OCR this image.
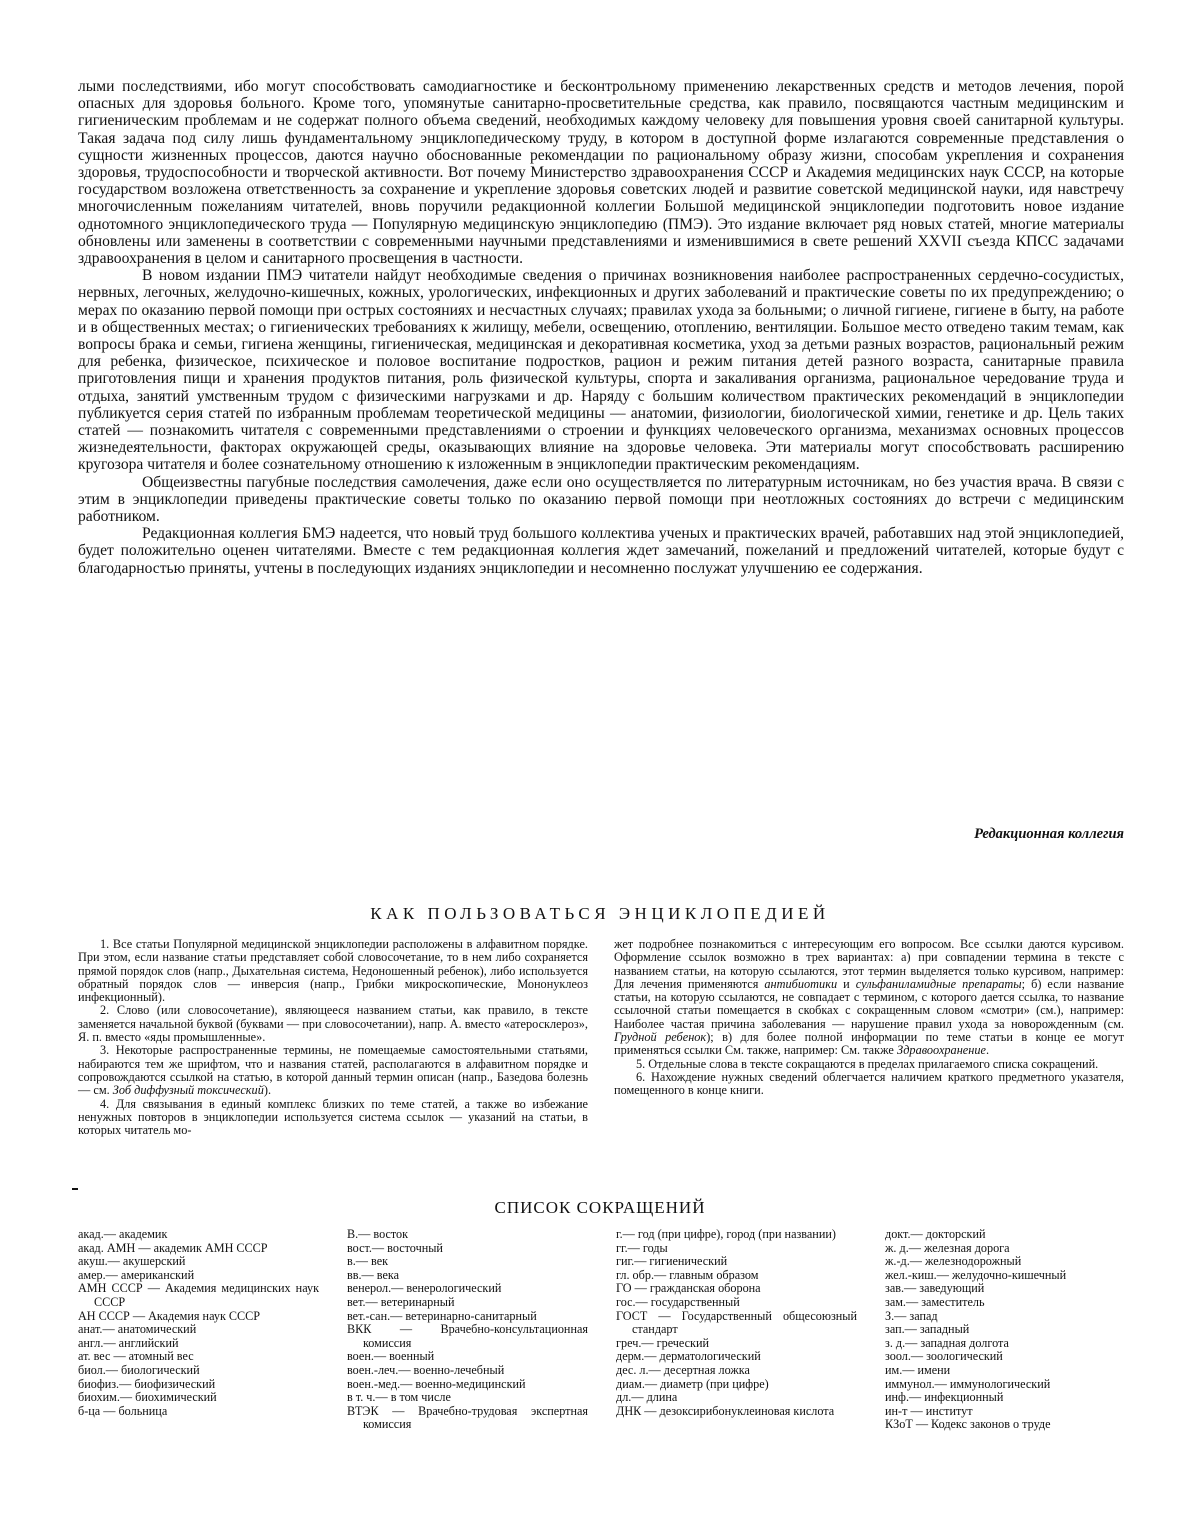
лыми последствиями, ибо могут способствовать самодиагностике и бесконтрольному применению лекарственных средств и методов лечения, порой опасных для здоровья больного. Кроме того, упомянутые санитарно-просветительные средства, как правило, посвящаются частным медицинским и гигиеническим проблемам и не содержат полного объема сведений, необходимых каждому человеку для повышения уровня своей санитарной культуры. Такая задача под силу лишь фундаментальному энциклопедическому труду, в котором в доступной форме излагаются современные представления о сущности жизненных процессов, даются научно обоснованные рекомендации по рациональному образу жизни, способам укрепления и сохранения здоровья, трудоспособности и творческой активности. Вот почему Министерство здравоохранения СССР и Академия медицинских наук СССР, на которые государством возложена ответственность за сохранение и укрепление здоровья советских людей и развитие советской медицинской науки, идя навстречу многочисленным пожеланиям читателей, вновь поручили редакционной коллегии Большой медицинской энциклопедии подготовить новое издание однотомного энциклопедического труда — Популярную медицинскую энциклопедию (ПМЭ). Это издание включает ряд новых статей, многие материалы обновлены или заменены в соответствии с современными научными представлениями и изменившимися в свете решений XXVII съезда КПСС задачами здравоохранения в целом и санитарного просвещения в частности.

В новом издании ПМЭ читатели найдут необходимые сведения о причинах возникновения наиболее распространенных сердечно-сосудистых, нервных, легочных, желудочно-кишечных, кожных, урологических, инфекционных и других заболеваний и практические советы по их предупреждению; о мерах по оказанию первой помощи при острых состояниях и несчастных случаях; правилах ухода за больными; о личной гигиене, гигиене в быту, на работе и в общественных местах; о гигиенических требованиях к жилищу, мебели, освещению, отоплению, вентиляции. Большое место отведено таким темам, как вопросы брака и семьи, гигиена женщины, гигиеническая, медицинская и декоративная косметика, уход за детьми разных возрастов, рациональный режим для ребенка, физическое, психическое и половое воспитание подростков, рацион и режим питания детей разного возраста, санитарные правила приготовления пищи и хранения продуктов питания, роль физической культуры, спорта и закаливания организма, рациональное чередование труда и отдыха, занятий умственным трудом с физическими нагрузками и др. Наряду с большим количеством практических рекомендаций в энциклопедии публикуется серия статей по избранным проблемам теоретической медицины — анатомии, физиологии, биологической химии, генетике и др. Цель таких статей — познакомить читателя с современными представлениями о строении и функциях человеческого организма, механизмах основных процессов жизнедеятельности, факторах окружающей среды, оказывающих влияние на здоровье человека. Эти материалы могут способствовать расширению кругозора читателя и более сознательному отношению к изложенным в энциклопедии практическим рекомендациям.

Общеизвестны пагубные последствия самолечения, даже если оно осуществляется по литературным источникам, но без участия врача. В связи с этим в энциклопедии приведены практические советы только по оказанию первой помощи при неотложных состояниях до встречи с медицинским работником.

Редакционная коллегия БМЭ надеется, что новый труд большого коллектива ученых и практических врачей, работавших над этой энциклопедией, будет положительно оценен читателями. Вместе с тем редакционная коллегия ждет замечаний, пожеланий и предложений читателей, которые будут с благодарностью приняты, учтены в последующих изданиях энциклопедии и несомненно послужат улучшению ее содержания.

Редакционная коллегия
КАК ПОЛЬЗОВАТЬСЯ ЭНЦИКЛОПЕДИЕЙ

1. Все статьи Популярной медицинской энциклопедии расположены в алфавитном порядке. При этом, если название статьи представляет собой словосочетание, то в нем либо сохраняется прямой порядок слов (напр., Дыхательная система, Недоношенный ребенок), либо используется обратный порядок слов — инверсия (напр., Грибки микроскопические, Мононуклеоз инфекционный).

2. Слово (или словосочетание), являющееся названием статьи, как правило, в тексте заменяется начальной буквой (буквами — при словосочетании), напр. А. вместо «атеросклероз», Я. п. вместо «яды промышленные».

3. Некоторые распространенные термины, не помещаемые самостоятельными статьями, набираются тем же шрифтом, что и названия статей, располагаются в алфавитном порядке и сопровождаются ссылкой на статью, в которой данный термин описан (напр., Базедова болезнь — см. Зоб диффузный токсический).

4. Для связывания в единый комплекс близких по теме статей, а также во избежание ненужных повторов в энциклопедии используется система ссылок — указаний на статьи, в которых читатель мо-

жет подробнее познакомиться с интересующим его вопросом. Все ссылки даются курсивом. Оформление ссылок возможно в трех вариантах: а) при совпадении термина в тексте с названием статьи, на которую ссылаются, этот термин выделяется только курсивом, например: Для лечения применяются антибиотики и сульфаниламидные препараты; б) если название статьи, на которую ссылаются, не совпадает с термином, с которого дается ссылка, то название ссылочной статьи помещается в скобках с сокращенным словом «смотри» (см.), например: Наиболее частая причина заболевания — нарушение правил ухода за новорожденным (см. Грудной ребенок); в) для более полной информации по теме статьи в конце ее могут применяться ссылки См. также, например: См. также Здравоохранение.

5. Отдельные слова в тексте сокращаются в пределах прилагаемого списка сокращений.

6. Нахождение нужных сведений облегчается наличием краткого предметного указателя, помещенного в конце книги.

СПИСОК СОКРАЩЕНИЙ
акад.— академик
акад. АМН — академик АМН СССР
акуш.— акушерский
амер.— американский
АМН СССР — Академия медицинских наук СССР
АН СССР — Академия наук СССР
анат.— анатомический
англ.— английский
ат. вес — атомный вес
биол.— биологический
биофиз.— биофизический
биохим.— биохимический
б-ца — больница
В.— восток
вост.— восточный
в.— век
вв.— века
венерол.— венерологический
вет.— ветеринарный
вет.-сан.— ветеринарно-санитарный
ВКК — Врачебно-консультационная комиссия
воен.— военный
воен.-леч.— военно-лечебный
воен.-мед.— военно-медицинский
в т. ч.— в том числе
ВТЭК — Врачебно-трудовая экспертная комиссия
г.— год (при цифре), город (при названии)
гг.— годы
гиг.— гигиенический
гл. обр.— главным образом
ГО — гражданская оборона
гос.— государственный
ГОСТ — Государственный общесоюзный стандарт
греч.— греческий
дерм.— дерматологический
дес. л.— десертная ложка
диам.— диаметр (при цифре)
дл.— длина
ДНК — дезоксирибонуклеиновая кислота
докт.— докторский
ж. д.— железная дорога
ж.-д.— железнодорожный
жел.-киш.— желудочно-кишечный
зав.— заведующий
зам.— заместитель
З.— запад
зап.— западный
з. д.— западная долгота
зоол.— зоологический
им.— имени
иммунол.— иммунологический
инф.— инфекционный
ин-т — институт
КЗоТ — Кодекс законов о труде
